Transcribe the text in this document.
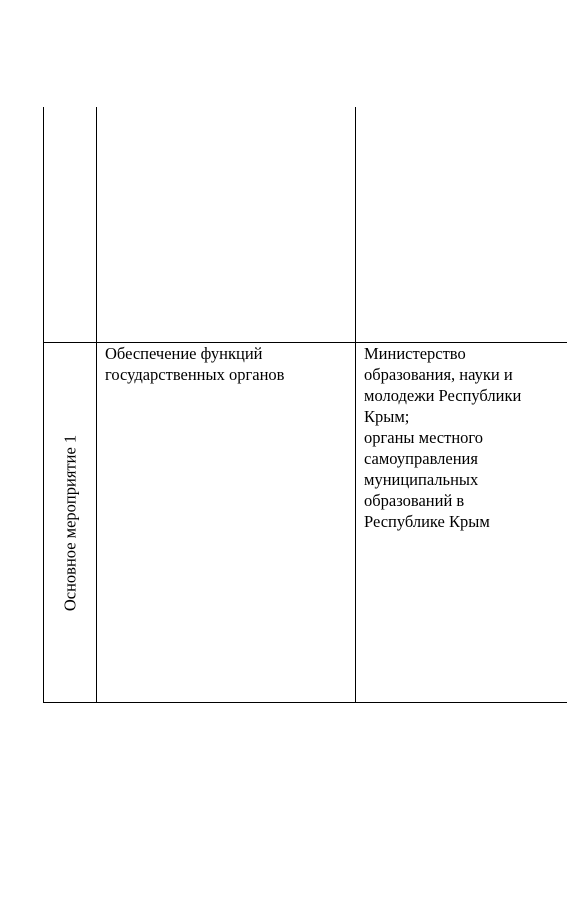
Основное мероприятие 1
Обеспечение функций
государственных органов
Министерство
образования, науки и
молодежи Республики
Крым;
органы местного
самоуправления
муниципальных
образований в
Республике Крым
